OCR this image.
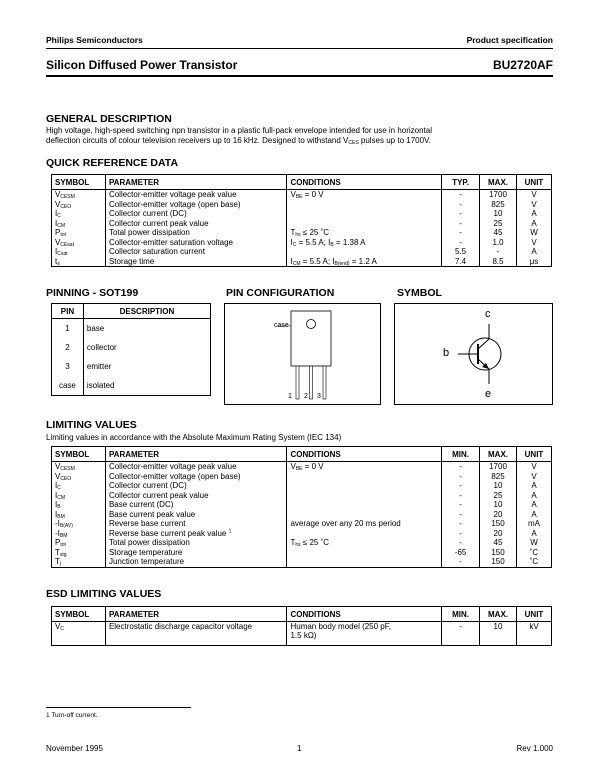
Philips Semiconductors	Product specification
Silicon Diffused Power Transistor	BU2720AF
GENERAL DESCRIPTION
High voltage, high-speed switching npn transistor in a plastic full-pack envelope intended for use in horizontal
deflection circuits of colour television receivers up to 16 kHz. Designed to withstand $V_{CES}$ pulses up to 1700V.
QUICK REFERENCE DATA
SYMBOL	PARAMETER	CONDITIONS	TYP.	MAX.	UNIT
$V_{CESM}$	Collector-emitter voltage peak value	$V_{BE} = 0$ V	-	1700	V
$V_{CEO}$	Collector-emitter voltage (open base)		-	825	V
$I_C$	Collector current (DC)		-	10	A
$I_{CM}$	Collector current peak value		-	25	A
$P_{tot}$	Total power dissipation	$T_{hs} \le 25$ ˚C	-	45	W
$V_{CEsat}$	Collector-emitter saturation voltage	$I_C = 5.5$ A; $I_B = 1.38$ A	-	1.0	V
$I_{Csat}$	Collector saturation current		5.5	-	A
$t_s$	Storage time	$I_{CM} = 5.5$ A; $I_{B(end)} = 1.2$ A	7.4	8.5	μs
PINNING - SOT199
PIN	DESCRIPTION
1	base
2	collector
3	emitter
case	isolated
PIN CONFIGURATION
case
1 2 3
SYMBOL
c
b
e
LIMITING VALUES
Limiting values in accordance with the Absolute Maximum Rating System (IEC 134)
SYMBOL	PARAMETER	CONDITIONS	MIN.	MAX.	UNIT
$V_{CESM}$	Collector-emitter voltage peak value	$V_{BE} = 0$ V	-	1700	V
$V_{CEO}$	Collector-emitter voltage (open base)		-	825	V
$I_C$	Collector current (DC)		-	10	A
$I_{CM}$	Collector current peak value		-	25	A
$I_B$	Base current (DC)		-	10	A
$I_{BM}$	Base current peak value		-	20	A
$-I_{B(AV)}$	Reverse base current	average over any 20 ms period	-	150	mA
$-I_{BM}$	Reverse base current peak value $^1$		-	20	A
$P_{tot}$	Total power dissipation	$T_{hs} \le 25$ ˚C	-	45	W
$T_{stg}$	Storage temperature		-65	150	˚C
$T_j$	Junction temperature		-	150	˚C
ESD LIMITING VALUES
SYMBOL	PARAMETER	CONDITIONS	MIN.	MAX.	UNIT
$V_C$	Electrostatic discharge capacitor voltage	Human body model (250 pF,
1.5 kΩ)	-	10	kV
1 Turn-off current.
November 1995	1	Rev 1.000
